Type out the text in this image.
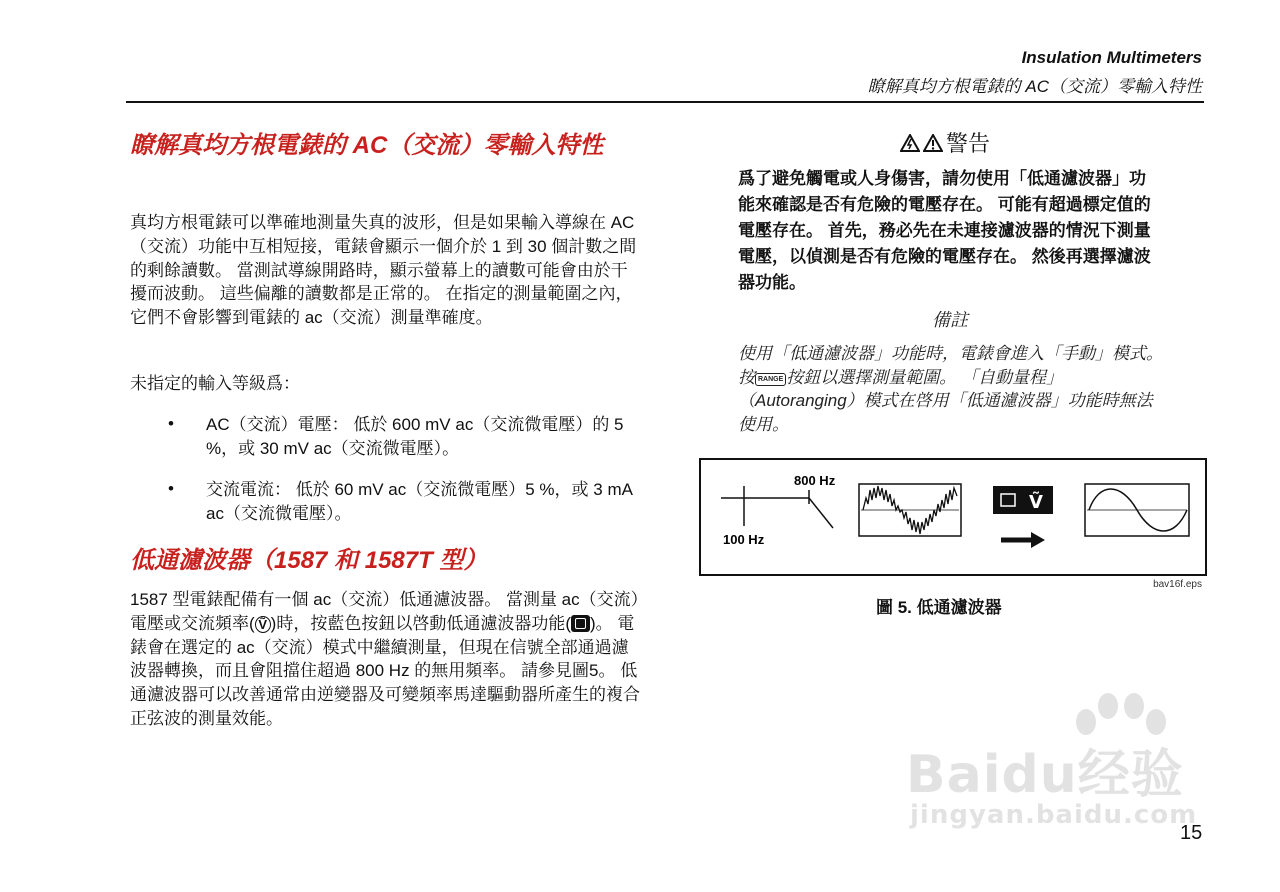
Insulation Multimeters
瞭解真均方根電錶的 AC（交流）零輸入特性
瞭解真均方根電錶的 AC（交流）零輸入特性
真均方根電錶可以準確地測量失真的波形，但是如果輸入導線在 AC（交流）功能中互相短接，電錶會顯示一個介於 1 到 30 個計數之間的剩餘讀數。 當測試導線開路時，顯示螢幕上的讀數可能會由於干擾而波動。 這些偏離的讀數都是正常的。 在指定的測量範圍之內，它們不會影響到電錶的 ac（交流）測量準確度。
未指定的輸入等級爲：
• AC（交流）電壓： 低於 600 mV ac（交流微電壓）的 5 %，或 30 mV ac（交流微電壓）。
• 交流電流： 低於 60 mV ac（交流微電壓）5 %，或 3 mA ac（交流微電壓）。
低通濾波器（1587 和 1587T 型）
1587 型電錶配備有一個 ac（交流）低通濾波器。 當測量 ac（交流）電壓或交流頻率( Ṽ )時，按藍色按鈕以啓動低通濾波器功能( )。 電錶會在選定的 ac（交流）模式中繼續測量，但現在信號全部通過濾波器轉換，而且會阻擋住超過 800 Hz 的無用頻率。 請參見圖5。 低通濾波器可以改善通常由逆變器及可變頻率馬達驅動器所產生的複合正弦波的測量效能。
警告
爲了避免觸電或人身傷害，請勿使用「低通濾波器」功能來確認是否有危險的電壓存在。 可能有超過標定值的電壓存在。 首先，務必先在未連接濾波器的情況下測量電壓，以偵測是否有危險的電壓存在。 然後再選擇濾波器功能。
備註
使用「低通濾波器」功能時，電錶會進入「手動」模式。 按 RANGE 按鈕以選擇測量範圍。 「自動量程」（Autoranging）模式在啓用「低通濾波器」功能時無法使用。
800 Hz
100 Hz
Ṽ
bav16f.eps
圖 5. 低通濾波器
Baidu经验
jingyan.baidu.com
15
